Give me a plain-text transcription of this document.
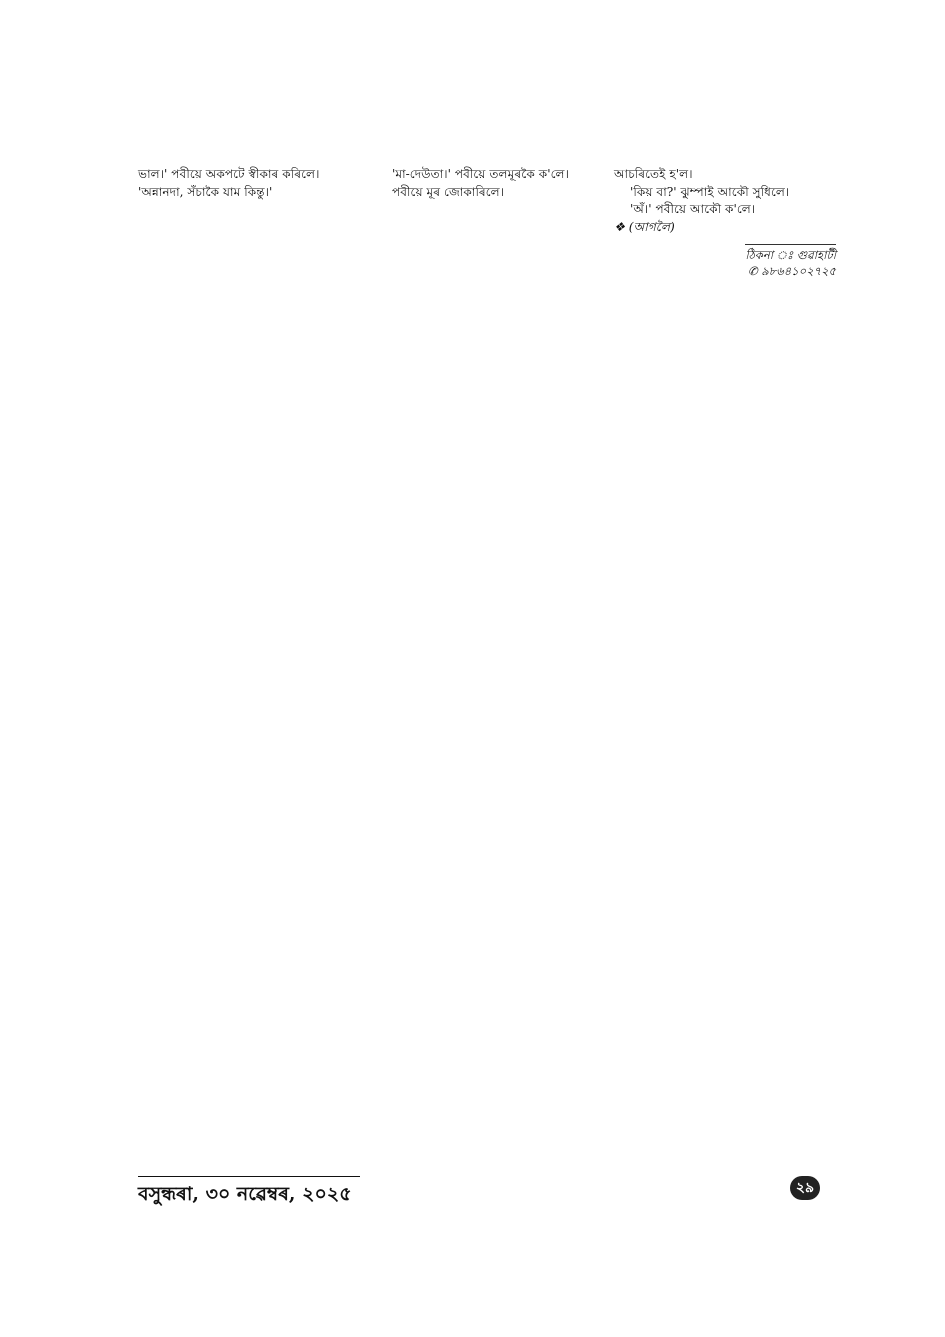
ভাল।' পবীয়ে অকপটে স্বীকাৰ কৰিলে।

'অন্নানদা, সঁচাকৈ যাম কিন্তু।'

'মা-দেউতা।' পবীয়ে তলমূৰকৈ ক'লে।

পবীয়ে মূৰ জোকাৰিলে।

আচৰিতেই হ'ল।

'কিয় বা?' ঝুম্পাই আকৌ সুধিলে।

'অঁ।' পবীয়ে আকৌ ক'লে।

❖ (আগলৈ)

ঠিকনা ঃ গুৱাহাটী
✆ ৯৮৬৪১০২৭২৫
বসুন্ধৰা, ৩০ নৱেম্বৰ, ২০২৫	২৯
